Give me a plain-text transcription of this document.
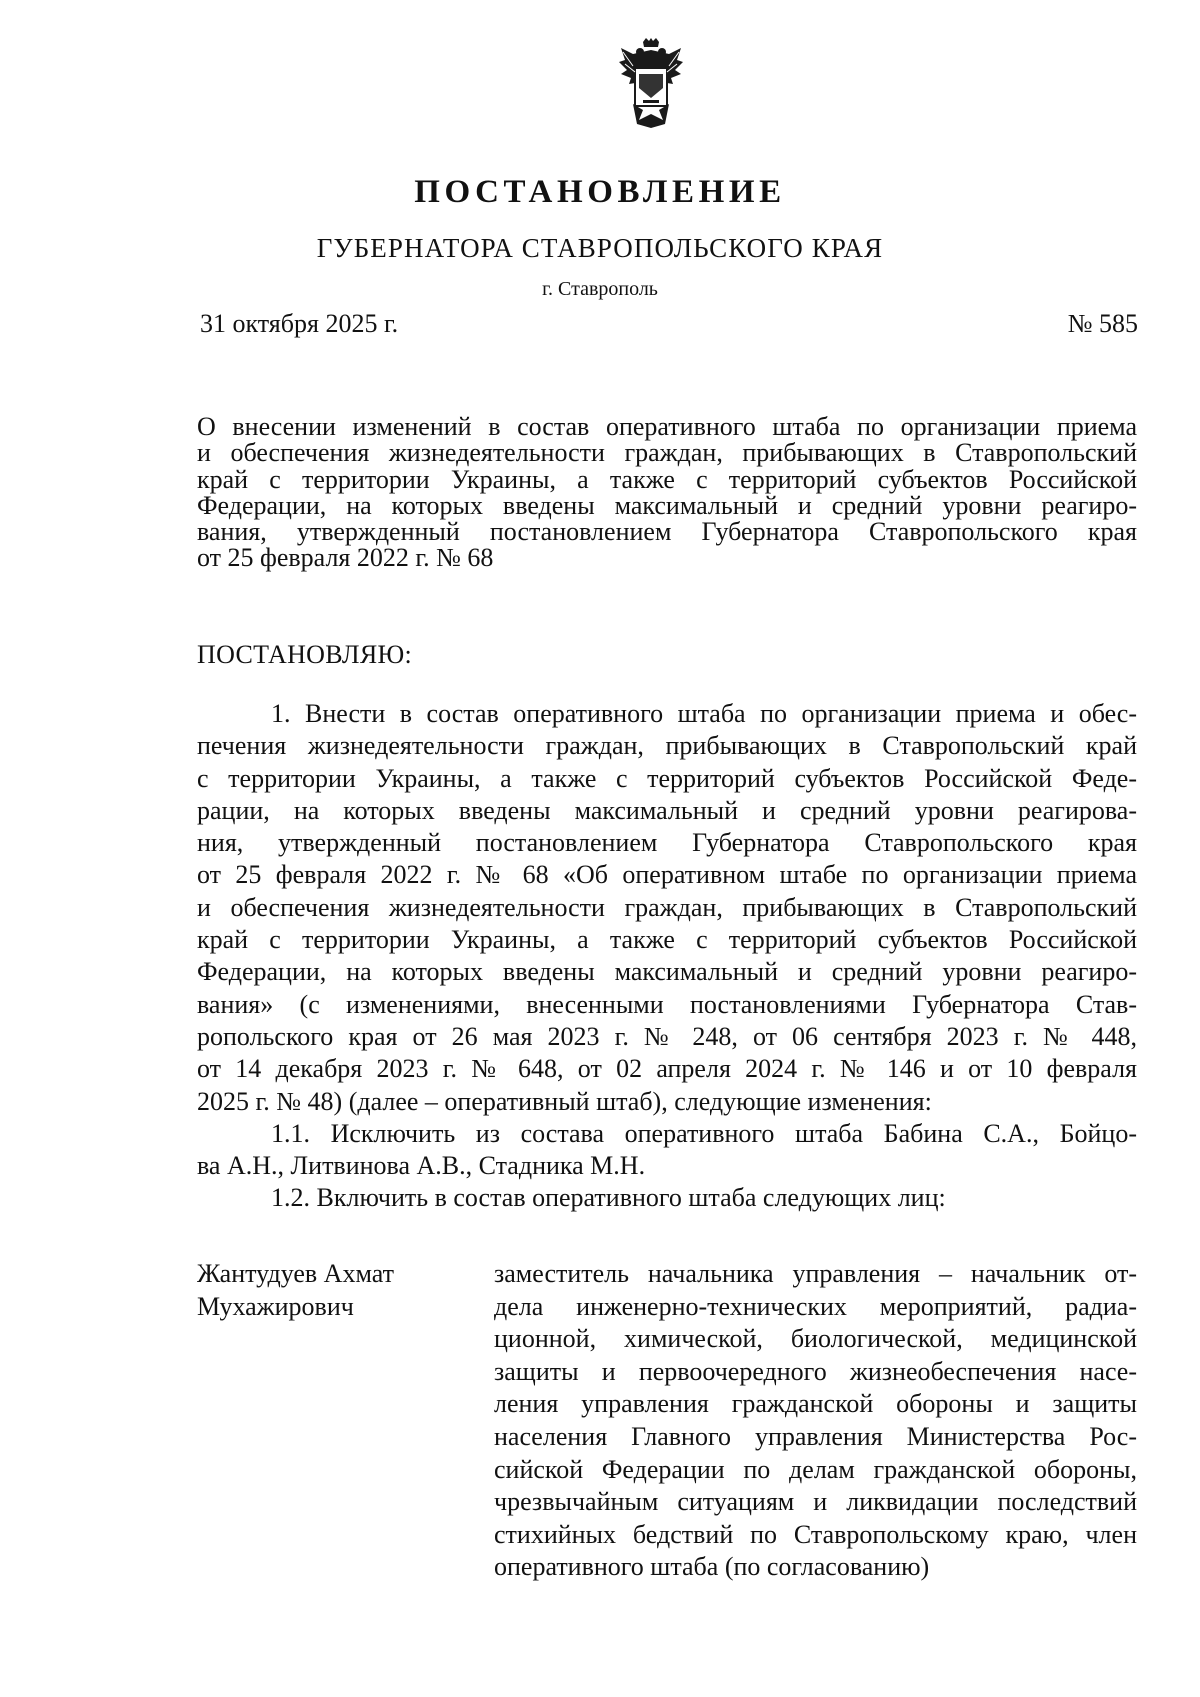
ПОСТАНОВЛЕНИЕ
ГУБЕРНАТОРА СТАВРОПОЛЬСКОГО КРАЯ
г. Ставрополь
31 октября 2025 г.	№ 585
О внесении изменений в состав оперативного штаба по организации приема
и обеспечения жизнедеятельности граждан, прибывающих в Ставропольский
край с территории Украины, а также с территорий субъектов Российской
Федерации, на которых введены максимальный и средний уровни реагиро-
вания, утвержденный постановлением Губернатора Ставропольского края
от 25 февраля 2022 г. № 68
ПОСТАНОВЛЯЮ:
1. Внести в состав оперативного штаба по организации приема и обес-
печения жизнедеятельности граждан, прибывающих в Ставропольский край
с территории Украины, а также с территорий субъектов Российской Феде-
рации, на которых введены максимальный и средний уровни реагирова-
ния, утвержденный постановлением Губернатора Ставропольского края
от 25 февраля 2022 г. № 68 «Об оперативном штабе по организации приема
и обеспечения жизнедеятельности граждан, прибывающих в Ставропольский
край с территории Украины, а также с территорий субъектов Российской
Федерации, на которых введены максимальный и средний уровни реагиро-
вания» (с изменениями, внесенными постановлениями Губернатора Став-
ропольского края от 26 мая 2023 г. № 248, от 06 сентября 2023 г. № 448,
от 14 декабря 2023 г. № 648, от 02 апреля 2024 г. № 146 и от 10 февраля
2025 г. № 48) (далее – оперативный штаб), следующие изменения:
1.1. Исключить из состава оперативного штаба Бабина С.А., Бойцо-
ва А.Н., Литвинова А.В., Стадника М.Н.
1.2. Включить в состав оперативного штаба следующих лиц:
Жантудуев Ахмат
Мухажирович
заместитель начальника управления – начальник от-
дела инженерно-технических мероприятий, радиа-
ционной, химической, биологической, медицинской
защиты и первоочередного жизнеобеспечения насе-
ления управления гражданской обороны и защиты
населения Главного управления Министерства Рос-
сийской Федерации по делам гражданской обороны,
чрезвычайным ситуациям и ликвидации последствий
стихийных бедствий по Ставропольскому краю, член
оперативного штаба (по согласованию)
